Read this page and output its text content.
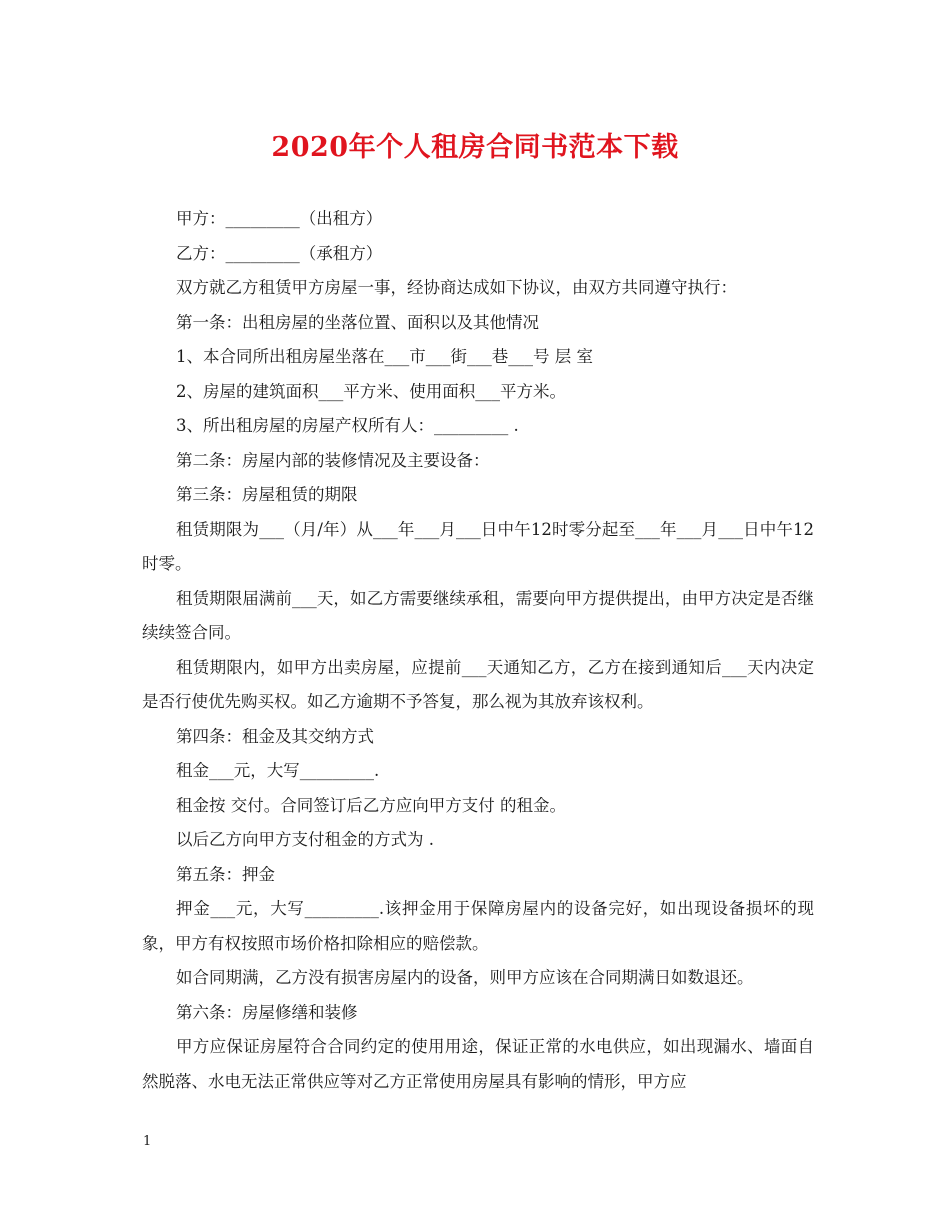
2020年个人租房合同书范本下载

甲方：_________（出租方）

乙方：_________（承租方）

双方就乙方租赁甲方房屋一事，经协商达成如下协议，由双方共同遵守执行：

第一条：出租房屋的坐落位置、面积以及其他情况

1、本合同所出租房屋坐落在___市___街___巷___号 层 室

2、房屋的建筑面积___平方米、使用面积___平方米。

3、所出租房屋的房屋产权所有人：_________ .

第二条：房屋内部的装修情况及主要设备：

第三条：房屋租赁的期限

租赁期限为___（月/年）从___年___月___日中午12时零分起至___年___月___日中午12时零。

租赁期限届满前___天，如乙方需要继续承租，需要向甲方提供提出，由甲方决定是否继续续签合同。

租赁期限内，如甲方出卖房屋，应提前___天通知乙方，乙方在接到通知后___天内决定是否行使优先购买权。如乙方逾期不予答复，那么视为其放弃该权利。

第四条：租金及其交纳方式

租金___元，大写_________.

租金按 交付。合同签订后乙方应向甲方支付 的租金。

以后乙方向甲方支付租金的方式为 .

第五条：押金

押金___元，大写_________.该押金用于保障房屋内的设备完好，如出现设备损坏的现象，甲方有权按照市场价格扣除相应的赔偿款。

如合同期满，乙方没有损害房屋内的设备，则甲方应该在合同期满日如数退还。

第六条：房屋修缮和装修

甲方应保证房屋符合合同约定的使用用途，保证正常的水电供应，如出现漏水、墙面自然脱落、水电无法正常供应等对乙方正常使用房屋具有影响的情形，甲方应

1
